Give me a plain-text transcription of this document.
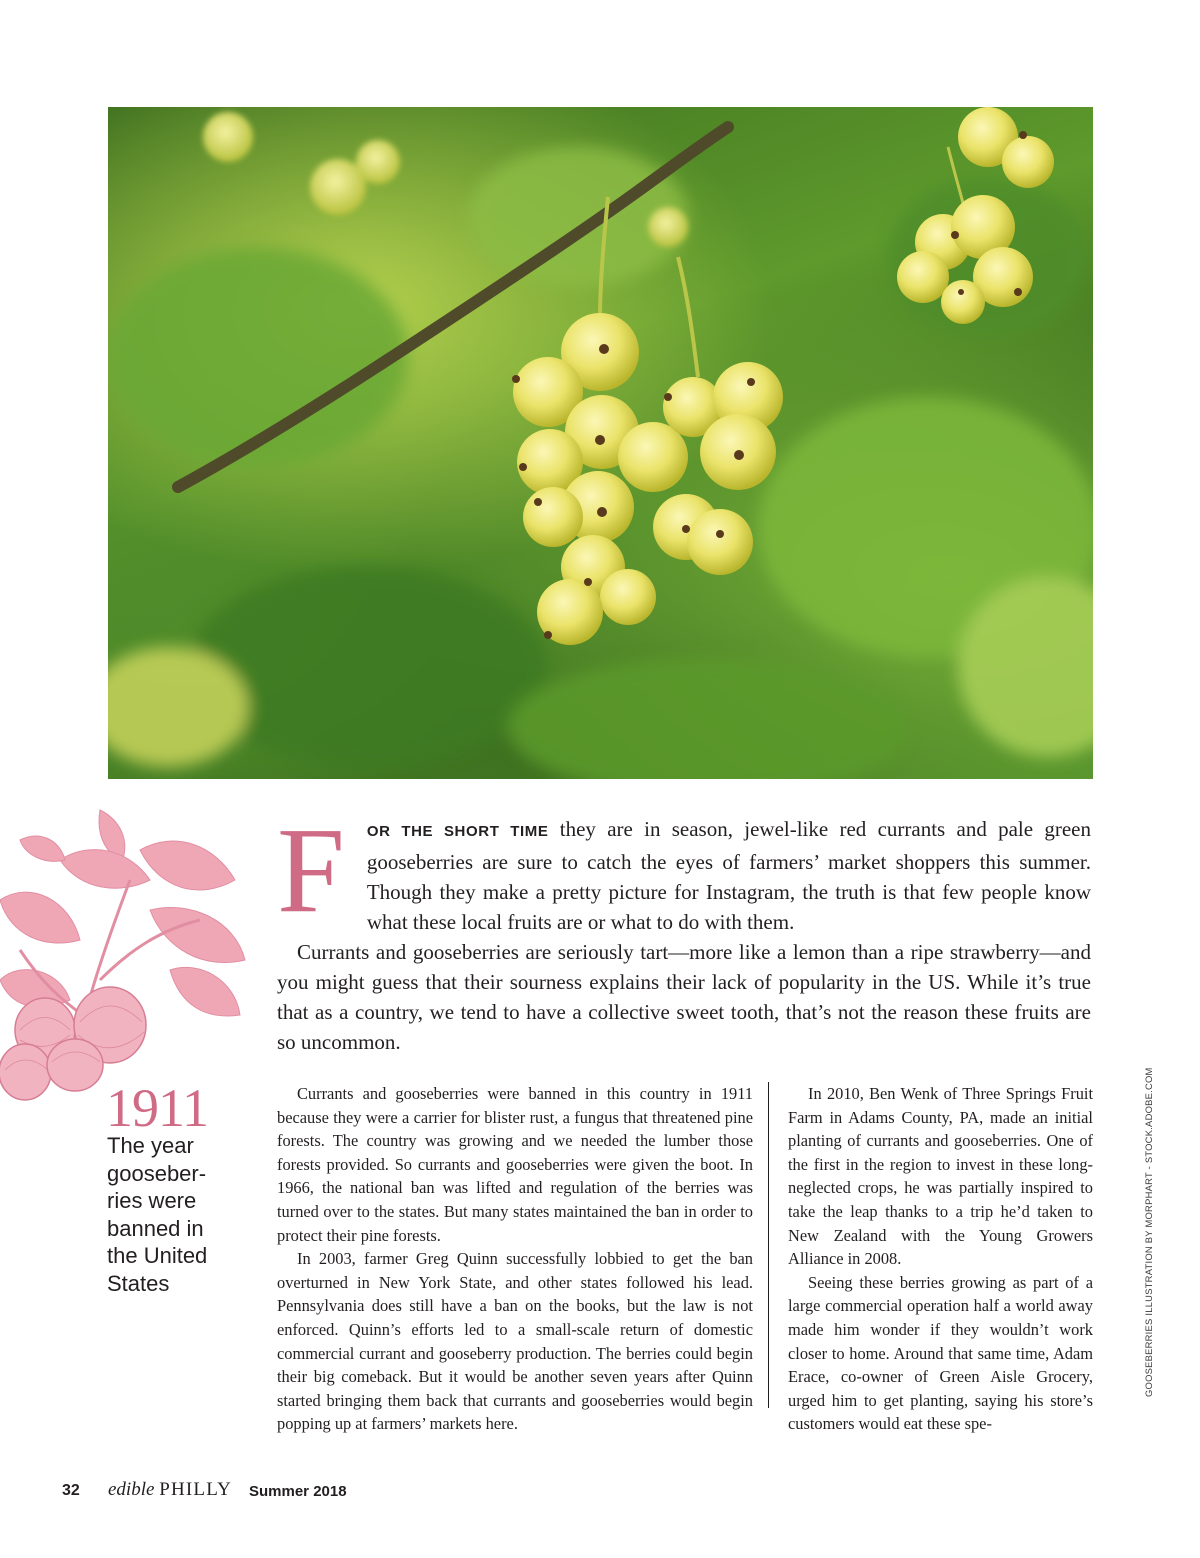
1911
The year gooseber-ries were banned in the United States

F OR THE SHORT TIME they are in season, jewel-like red currants and pale green gooseberries are sure to catch the eyes of farmers’ market shoppers this summer. Though they make a pretty picture for Instagram, the truth is that few people know what these local fruits are or what to do with them.

Currants and gooseberries are seriously tart—more like a lemon than a ripe strawberry—and you might guess that their sourness explains their lack of popularity in the US. While it’s true that as a country, we tend to have a collective sweet tooth, that’s not the reason these fruits are so uncommon.

Currants and gooseberries were banned in this country in 1911 because they were a carrier for blister rust, a fungus that threatened pine forests. The country was growing and we needed the lumber those forests provided. So currants and gooseberries were given the boot. In 1966, the national ban was lifted and regulation of the berries was turned over to the states. But many states maintained the ban in order to protect their pine forests.

In 2003, farmer Greg Quinn successfully lobbied to get the ban overturned in New York State, and other states followed his lead. Pennsylvania does still have a ban on the books, but the law is not enforced. Quinn’s efforts led to a small-scale return of domestic commercial currant and gooseberry production. The berries could begin their big comeback. But it would be another seven years after Quinn started bringing them back that currants and gooseberries would begin popping up at farmers’ markets here.

In 2010, Ben Wenk of Three Springs Fruit Farm in Adams County, PA, made an initial planting of currants and gooseberries. One of the first in the region to invest in these long-neglected crops, he was partially inspired to take the leap thanks to a trip he’d taken to New Zealand with the Young Growers Alliance in 2008.

Seeing these berries growing as part of a large commercial operation half a world away made him wonder if they wouldn’t work closer to home. Around that same time, Adam Erace, co-owner of Green Aisle Grocery, urged him to get planting, saying his store’s customers would eat these spe-

GOOSEBERRIES ILLUSTRATION BY MORPHART - STOCK.ADOBE.COM
32 edible PHILLY Summer 2018
